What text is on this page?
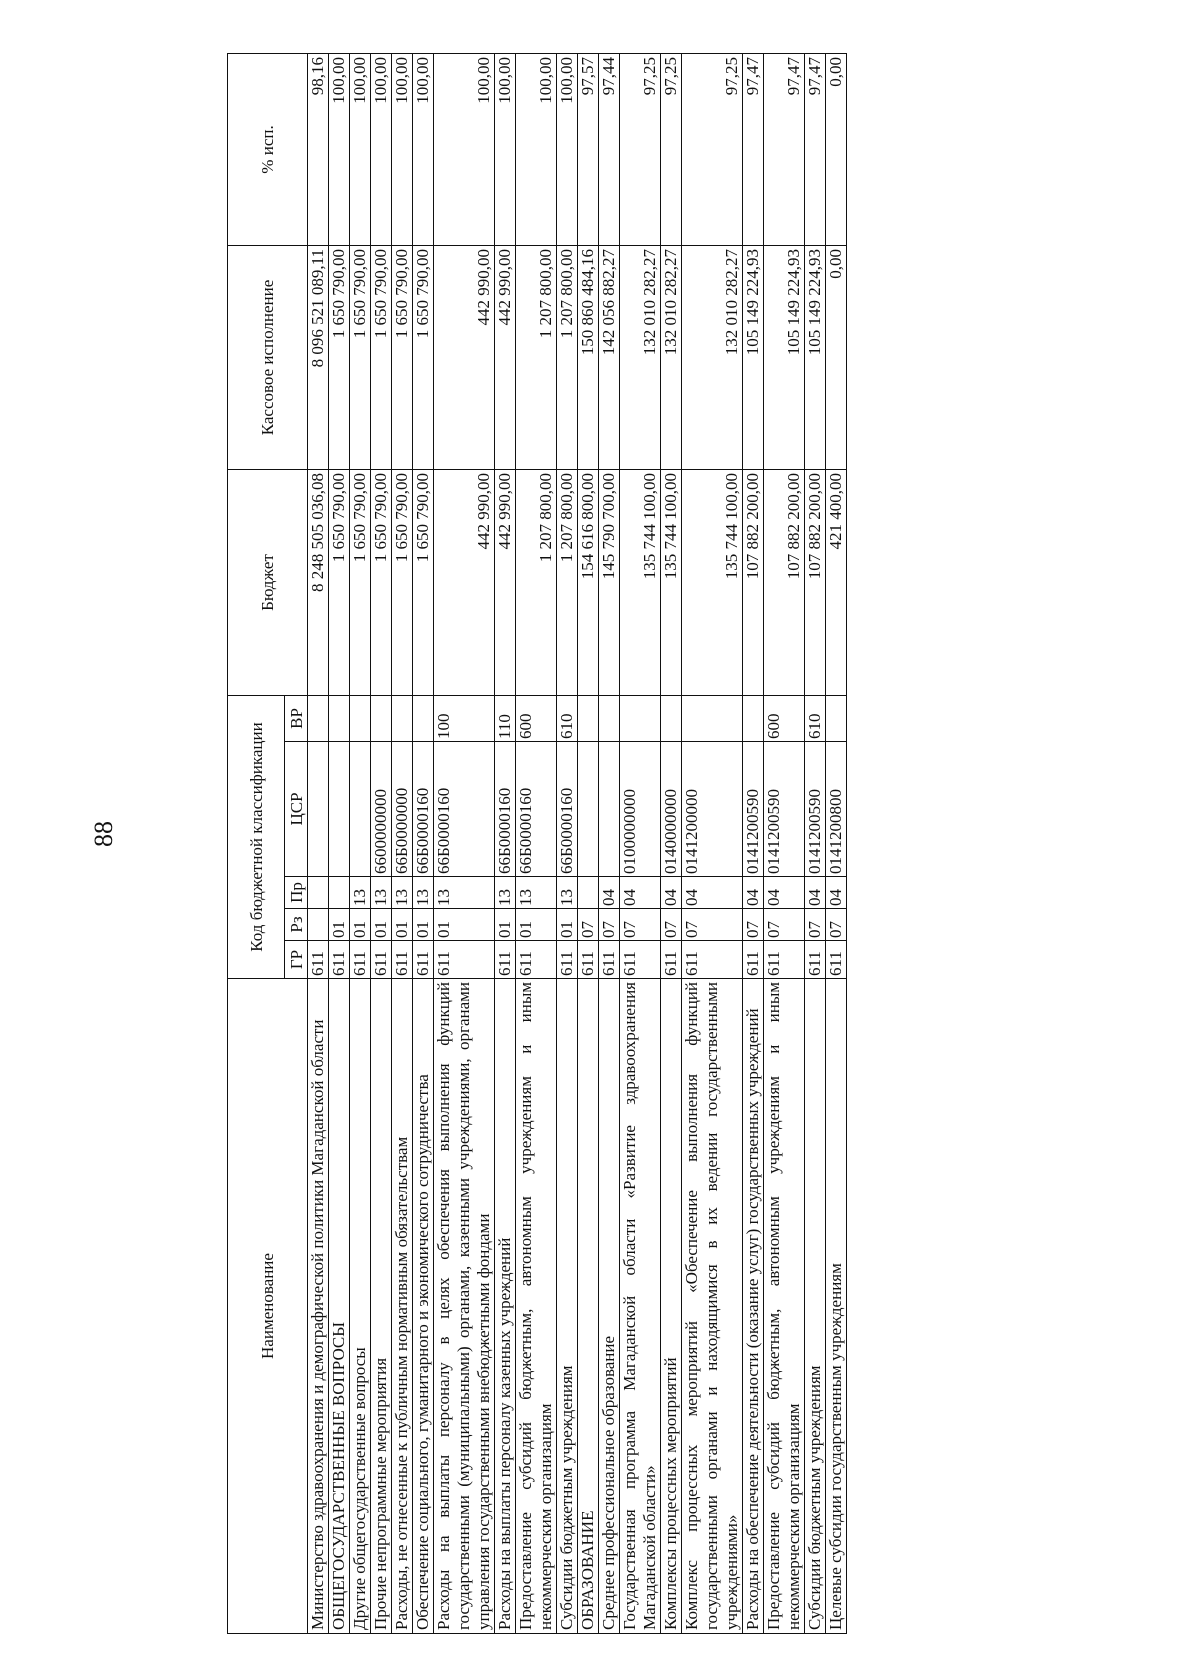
88
Наименование	Код бюджетной классификации					Бюджет	Кассовое исполнение	% исп.
	ГР	Рз	Пр	ЦСР	ВР			
Министерство здравоохранения и демографической политики Магаданской области	611					8 248 505 036,08	8 096 521 089,11	98,16
ОБЩЕГОСУДАРСТВЕННЫЕ ВОПРОСЫ	611	01				1 650 790,00	1 650 790,00	100,00
Другие общегосударственные вопросы	611	01	13			1 650 790,00	1 650 790,00	100,00
Прочие непрограммные мероприятия	611	01	13	6600000000		1 650 790,00	1 650 790,00	100,00
Расходы, не отнесенные к публичным нормативным обязательствам	611	01	13	66Б0000000		1 650 790,00	1 650 790,00	100,00
Обеспечение социального, гуманитарного и экономического сотрудничества	611	01	13	66Б0000160		1 650 790,00	1 650 790,00	100,00
Расходы на выплаты персоналу в целях обеспечения выполнения функций государственными (муниципальными) органами, казенными учреждениями, органами управления государственными внебюджетными фондами	611	01	13	66Б0000160	100	442 990,00	442 990,00	100,00
Расходы на выплаты персоналу казенных учреждений	611	01	13	66Б0000160	110	442 990,00	442 990,00	100,00
Предоставление субсидий бюджетным, автономным учреждениям и иным некоммерческим организациям	611	01	13	66Б0000160	600	1 207 800,00	1 207 800,00	100,00
Субсидии бюджетным учреждениям	611	01	13	66Б0000160	610	1 207 800,00	1 207 800,00	100,00
ОБРАЗОВАНИЕ	611	07				154 616 800,00	150 860 484,16	97,57
Среднее профессиональное образование	611	07	04			145 790 700,00	142 056 882,27	97,44
Государственная программа Магаданской области «Развитие здравоохранения Магаданской области»	611	07	04	0100000000		135 744 100,00	132 010 282,27	97,25
Комплексы процессных мероприятий	611	07	04	0140000000		135 744 100,00	132 010 282,27	97,25
Комплекс процессных мероприятий «Обеспечение выполнения функций государственными органами и находящимися в их ведении государственными учреждениями»	611	07	04	0141200000		135 744 100,00	132 010 282,27	97,25
Расходы на обеспечение деятельности (оказание услуг) государственных учреждений	611	07	04	0141200590		107 882 200,00	105 149 224,93	97,47
Предоставление субсидий бюджетным, автономным учреждениям и иным некоммерческим организациям	611	07	04	0141200590	600	107 882 200,00	105 149 224,93	97,47
Субсидии бюджетным учреждениям	611	07	04	0141200590	610	107 882 200,00	105 149 224,93	97,47
Целевые субсидии государственным учреждениям	611	07	04	0141200800		421 400,00	0,00	0,00
